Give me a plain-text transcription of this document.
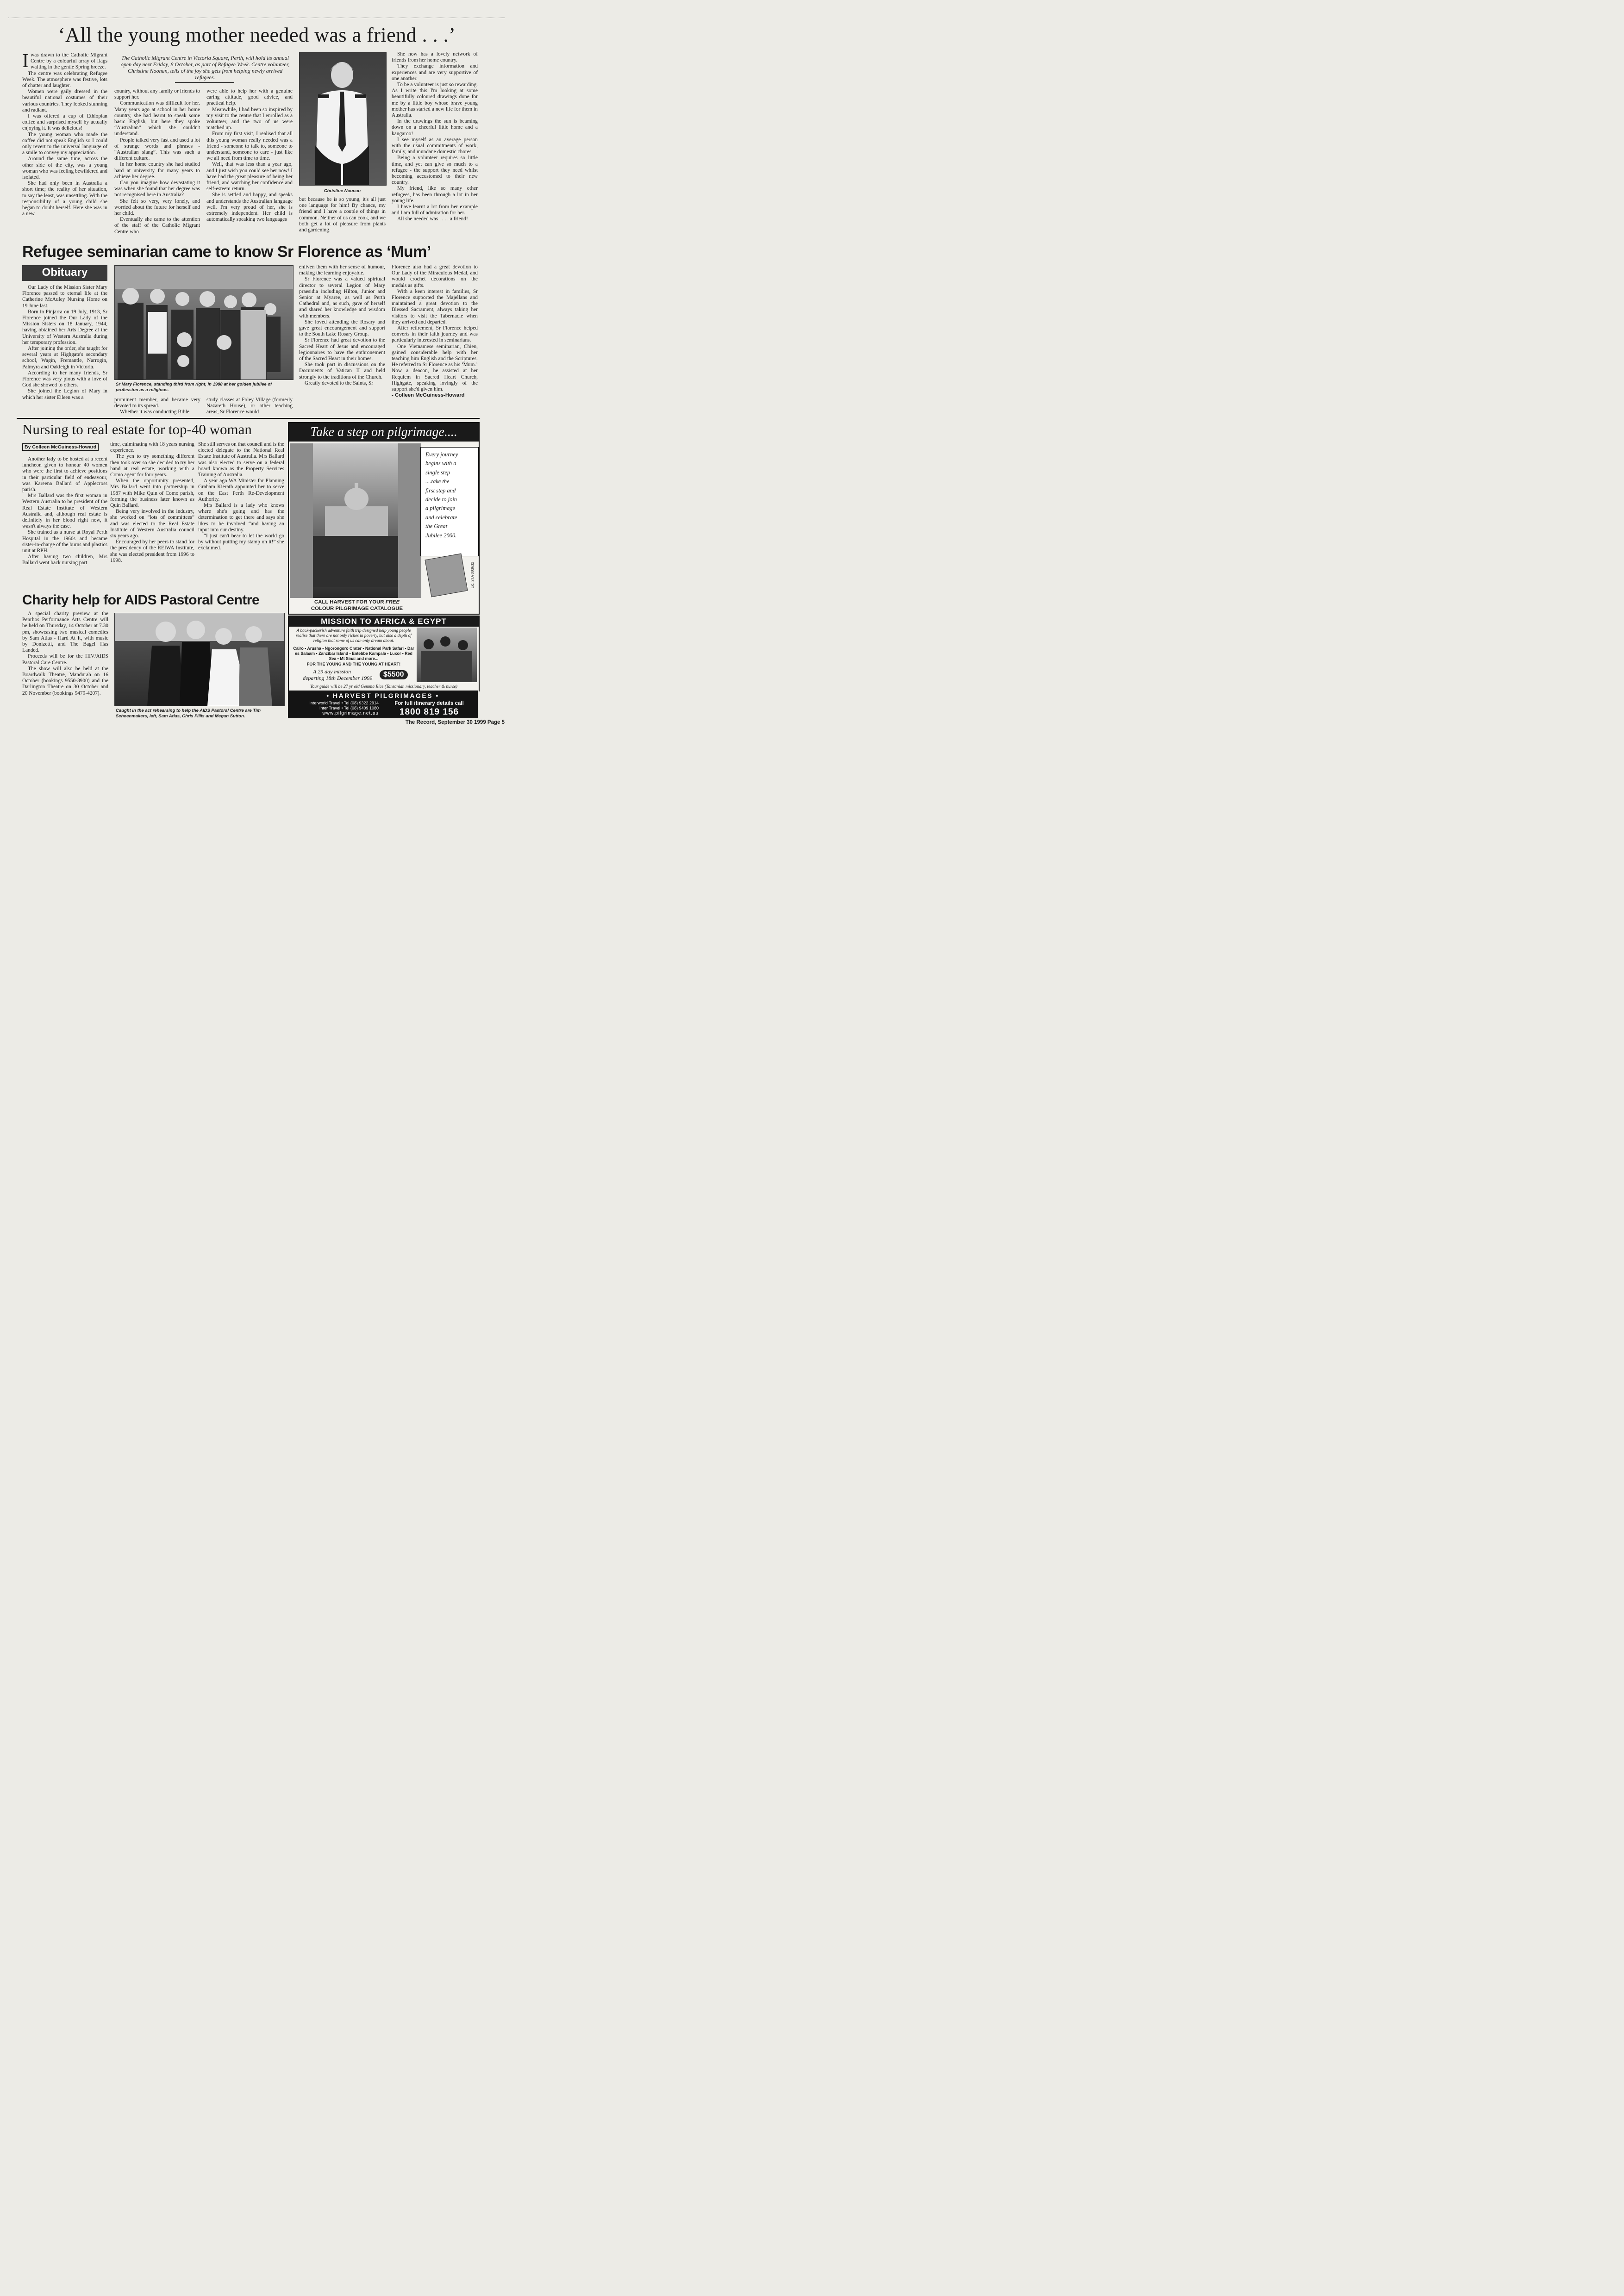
‘All the young mother needed was a friend . . .’
I was drawn to the Catholic Migrant Centre by a colourful array of flags wafting in the gentle Spring breeze.

The centre was celebrating Refugee Week. The atmosphere was festive, lots of chatter and laughter.

Women were gaily dressed in the beautiful national costumes of their various countries. They looked stunning and radiant.

I was offered a cup of Ethiopian coffee and surprised myself by actually enjoying it. It was delicious!

The young woman who made the coffee did not speak English so I could only revert to the universal language of a smile to convey my appreciation.

Around the same time, across the other side of the city, was a young woman who was feeling bewildered and isolated.

She had only been in Australia a short time; the reality of her situation, to say the least, was unsettling. With the responsibility of a young child she began to doubt herself. Here she was in a new

The Catholic Migrant Centre in Victoria Square, Perth, will hold its annual open day next Friday, 8 October, as part of Refugee Week. Centre volunteer, Christine Noonan, tells of the joy she gets from helping newly arrived refugees.

country, without any family or friends to support her.

Communication was difficult for her. Many years ago at school in her home country, she had learnt to speak some basic English, but here they spoke “Australian” which she couldn't understand.

People talked very fast and used a lot of strange words and phrases - “Australian slang”. This was such a different culture.

In her home country she had studied hard at university for many years to achieve her degree.

Can you imagine how devastating it was when she found that her degree was not recognised here in Australia?

She felt so very, very lonely, and worried about the future for herself and her child.

Eventually she came to the attention of the staff of the Catholic Migrant Centre who

were able to help her with a genuine caring attitude, good advice, and practical help.

Meanwhile, I had been so inspired by my visit to the centre that I enrolled as a volunteer, and the two of us were matched up.

From my first visit, I realised that all this young woman really needed was a friend - someone to talk to, someone to understand, someone to care - just like we all need from time to time.

Well, that was less than a year ago, and I just wish you could see her now! I have had the great pleasure of being her friend, and watching her confidence and self-esteem return.

She is settled and happy, and speaks and understands the Australian language well. I'm very proud of her, she is extremely independent. Her child is automatically speaking two languages

Christine Noonan

but because he is so young, it's all just one language for him! By chance, my friend and I have a couple of things in common. Neither of us can cook, and we both get a lot of pleasure from plants and gardening.

She now has a lovely network of friends from her home country.

They exchange information and experiences and are very supportive of one another.

To be a volunteer is just so rewarding. As I write this I'm looking at some beautifully coloured drawings done for me by a little boy whose brave young mother has started a new life for them in Australia.

In the drawings the sun is beaming down on a cheerful little home and a kangaroo!

I see myself as an average person with the usual commitments of work, family, and mundane domestic chores.

Being a volunteer requires so little time, and yet can give so much to a refugee - the support they need whilst becoming accustomed to their new country.

My friend, like so many other refugees, has been through a lot in her young life.

I have learnt a lot from her example and I am full of admiration for her.

All she needed was . . . . a friend!

Refugee seminarian came to know Sr Florence as ‘Mum’
Obituary

Our Lady of the Mission Sister Mary Florence passed to eternal life at the Catherine McAuley Nursing Home on 19 June last.

Born in Pinjarra on 19 July, 1913, Sr Florence joined the Our Lady of the Mission Sisters on 18 January, 1944, having obtained her Arts Degree at the University of Western Australia during her temporary profession.

After joining the order, she taught for several years at Highgate's secondary school, Wagin, Fremantle, Narrogin, Palmyra and Oakleigh in Victoria.

According to her many friends, Sr Florence was very pious with a love of God she showed to others.

She joined the Legion of Mary in which her sister Eileen was a

Sr Mary Florence, standing third from right, in 1988 at her golden jubilee of profession as a religious.

prominent member, and became very devoted to its spread.

Whether it was conducting Bible

study classes at Foley Village (formerly Nazareth House), or other teaching areas, Sr Florence would

enliven them with her sense of humour, making the learning enjoyable.

Sr Florence was a valued spiritual director to several Legion of Mary praesidia including Hilton, Junior and Senior at Myaree, as well as Perth Cathedral and, as such, gave of herself and shared her knowledge and wisdom with members.

She loved attending the Rosary and gave great encouragement and support to the South Lake Rosary Group.

Sr Florence had great devotion to the Sacred Heart of Jesus and encouraged legionnaires to have the enthronement of the Sacred Heart in their homes.

She took part in discussions on the Documents of Vatican II and held strongly to the traditions of the Church.

Greatly devoted to the Saints, Sr

Florence also had a great devotion to Our Lady of the Miraculous Medal, and would crochet decorations on the medals as gifts.

With a keen interest in families, Sr Florence supported the Majellans and maintained a great devotion to the Blessed Sacrament, always taking her visitors to visit the Tabernacle when they arrived and departed.

After retirement, Sr Florence helped converts in their faith journey and was particularly interested in seminarians.

One Vietnamese seminarian, Chien, gained considerable help with her teaching him English and the Scriptures. He referred to Sr Florence as his ‘Mum.’ Now a deacon, he assisted at her Requiem in Sacred Heart Church, Highgate, speaking lovingly of the support she'd given him.

- Colleen McGuiness-Howard
Nursing to real estate for top-40 woman
By Colleen McGuiness-Howard

Another lady to be hosted at a recent luncheon given to honour 40 women who were the first to achieve positions in their particular field of endeavour, was Kareena Ballard of Applecross parish.

Mrs Ballard was the first woman in Western Australia to be president of the Real Estate Institute of Western Australia and, although real estate is definitely in her blood right now, it wasn't always the case.

She trained as a nurse at Royal Perth Hospital in the 1960s and became sister-in-charge of the burns and plastics unit at RPH.

After having two children, Mrs Ballard went back nursing part

time, culminating with 18 years nursing experience.

The yen to try something different then took over so she decided to try her hand at real estate, working with a Como agent for four years.

When the opportunity presented, Mrs Ballard went into partnership in 1987 with Mike Quin of Como parish, forming the business later known as Quin Ballard.

Being very involved in the industry, she worked on “lots of committees” and was elected to the Real Estate Institute of Western Australia council six years ago.

Encouraged by her peers to stand for the presidency of the REIWA Institute, she was elected president from 1996 to 1998.

She still serves on that council and is the elected delegate to the National Real Estate Institute of Australia. Mrs Ballard was also elected to serve on a federal board known as the Property Services Training of Australia.

A year ago WA Minister for Planning Graham Kierath appointed her to serve on the East Perth Re-Development Authority.

Mrs Ballard is a lady who knows where she's going and has the determination to get there and says she likes to be involved “and having an input into our destiny.

“I just can't bear to let the world go by without putting my stamp on it!” she exclaimed.

Charity help for AIDS Pastoral Centre

A special charity preview at the Penrhos Performance Arts Centre will be held on Thursday, 14 October at 7.30 pm, showcasing two musical comedies by Sam Atlas - Hard At It, with music by Donizetti, and The Bagel Has Landed.

Proceeds will be for the HIV/AIDS Pastoral Care Centre.

The show will also be held at the Boardwalk Theatre, Mandurah on 16 October (bookings 9550-3900) and the Darlington Theatre on 30 October and 20 November (bookings 9479-4207).

Caught in the act rehearsing to help the AIDS Pastoral Centre are Tim Schoenmakers, left, Sam Atlas, Chris Fillis and Megan Sutton.
Take a step on pilgrimage....
Every journey
begins with a
single step
....take the
first step and
decide to join
a pilgrimage
and celebrate
the Great
Jubilee 2000.
Lic. 2TA 003632
CALL HARVEST FOR YOUR FREE
COLOUR PILGRIMAGE CATALOGUE
MISSION TO AFRICA & EGYPT
A back-packerish adventure faith trip designed help young people realise that there are not only riches in poverty, but also a depth of religion that some of us can only dream about.
Cairo • Arusha • Ngorongoro Crater • National Park Safari • Dar es Salaam • Zanzibar Island • Entebbe Kampala • Luxor • Red Sea • Mt Sinai and more...
FOR THE YOUNG AND THE YOUNG AT HEART!
A 29 day mission
departing 18th December 1999	$5500
Your guide will be 27 yr old Gemma Rice (Tanzanian missionary, teacher & nurse)
• HARVEST PILGRIMAGES •
Interworld Travel • Tel (08) 9322 2914
Inter Travel • Tel (08) 9409 1080
www.pilgrimage.net.au
For full itinerary details call
1800 819 156
The Record, September 30 1999 Page 5
